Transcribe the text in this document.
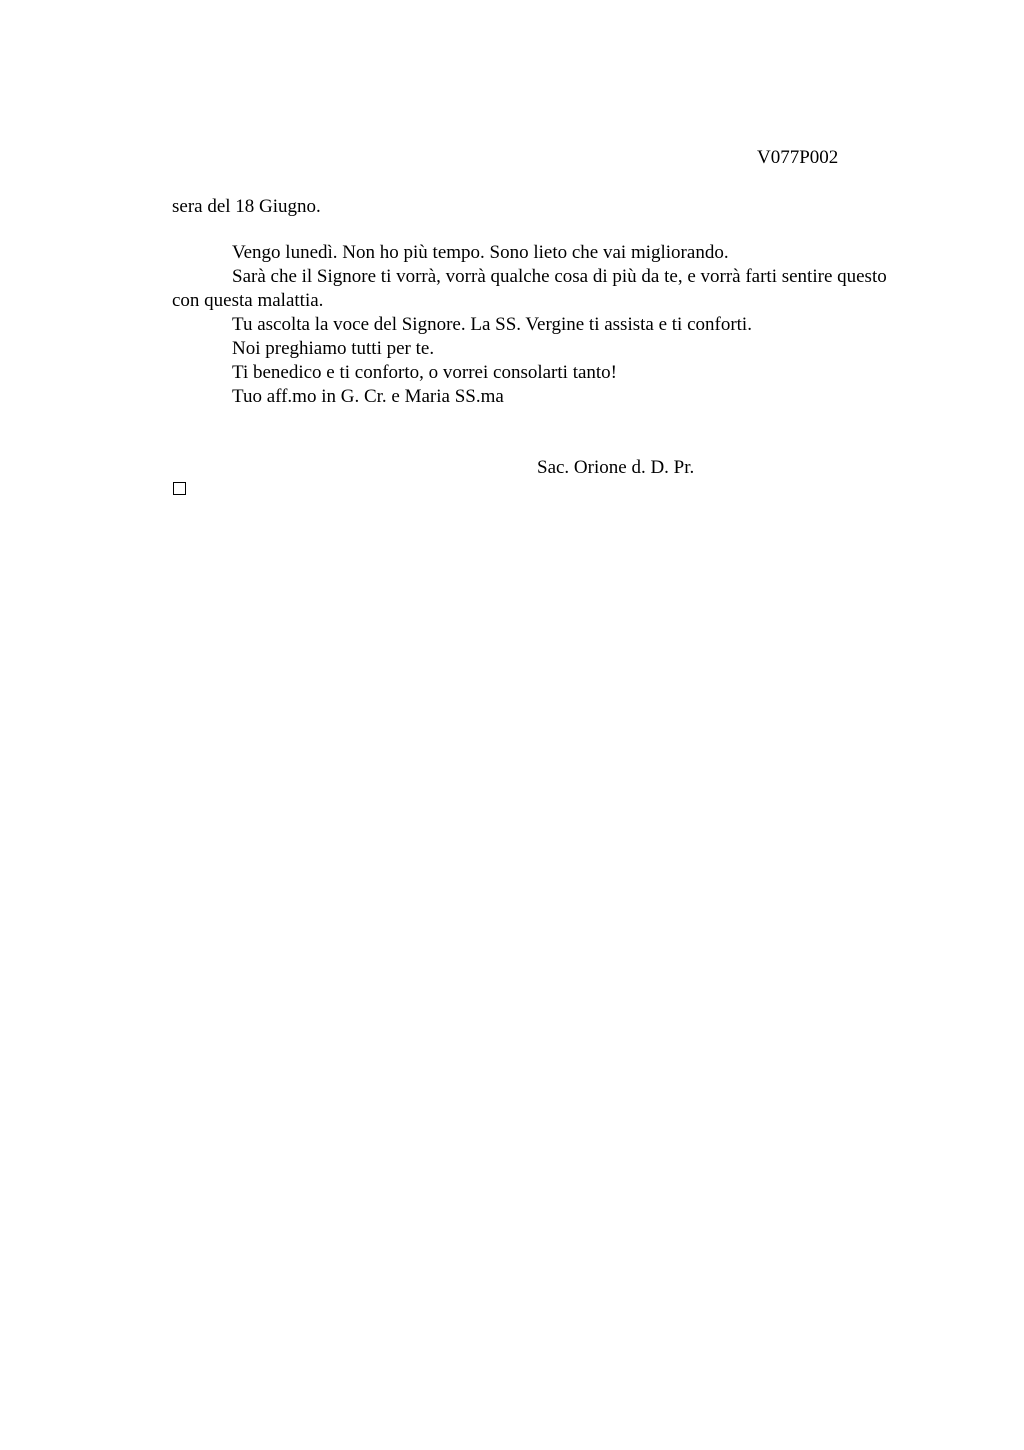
V077P002
sera del 18 Giugno.

Vengo lunedì. Non ho più tempo. Sono lieto che vai migliorando.

Sarà che il Signore ti vorrà, vorrà qualche cosa di più da te, e vorrà farti sentire questo con questa malattia.

Tu ascolta la voce del Signore. La SS. Vergine ti assista e ti conforti.

Noi preghiamo tutti per te.

Ti benedico e ti conforto, o vorrei consolarti tanto!

Tuo aff.mo in G. Cr. e Maria SS.ma

Sac. Orione d. D. Pr.
